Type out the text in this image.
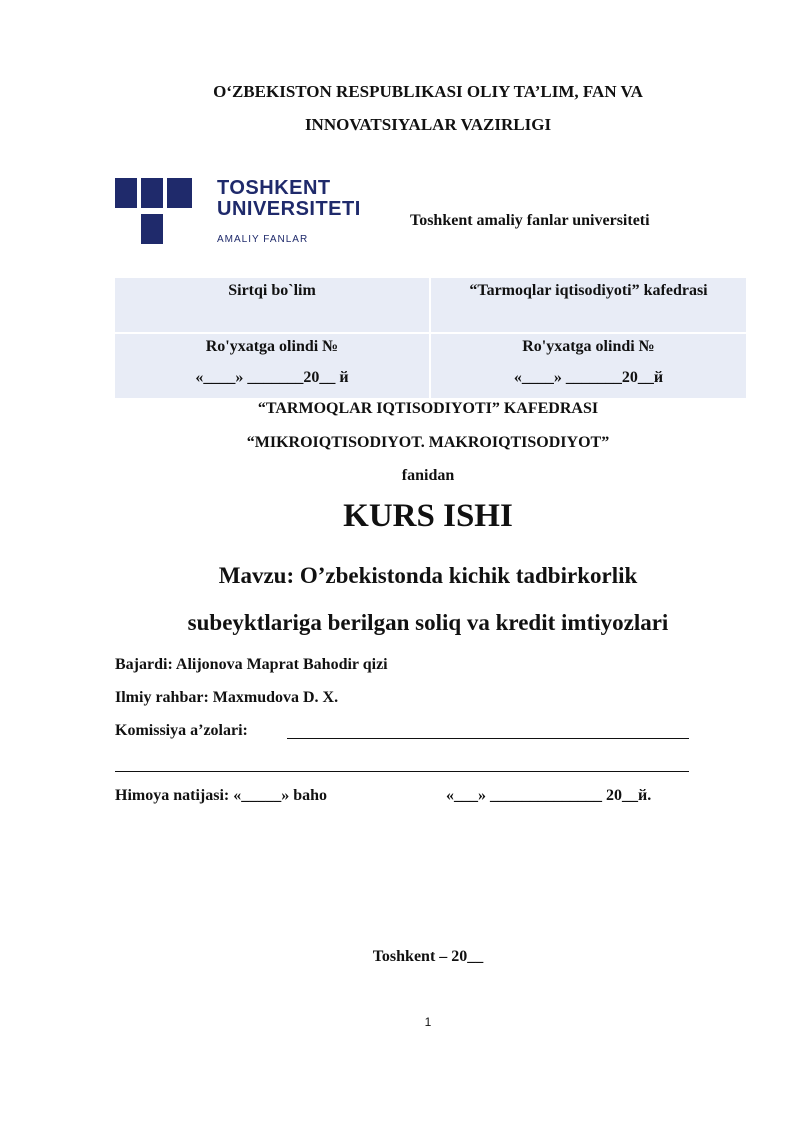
O‘ZBEKISTON RESPUBLIKASI OLIY TA’LIM, FAN VA
INNOVATSIYALAR VAZIRLIGI
TOSHKENT
UNIVERSITETI
AMALIY FANLAR
Toshkent amaliy fanlar universiteti
Sirtqi bo`lim	“Tarmoqlar iqtisodiyoti” kafedrasi
Ro'yxatga olindi №
«____» _______20__ й
Ro'yxatga olindi №
«____» _______20__й
“TARMOQLAR IQTISODIYOTI” KAFEDRASI
“MIKROIQTISODIYOT. MAKROIQTISODIYOT”
fanidan
KURS ISHI
Mavzu: O’zbekistonda kichik tadbirkorlik
subeyktlariga berilgan soliq va kredit imtiyozlari
Bajardi: Alijonova Maprat Bahodir qizi
Ilmiy rahbar: Maxmudova D. X.
Komissiya a’zolari:
Himoya natijasi: «_____» baho	«___» ______________ 20__й.
Toshkent – 20__
1
